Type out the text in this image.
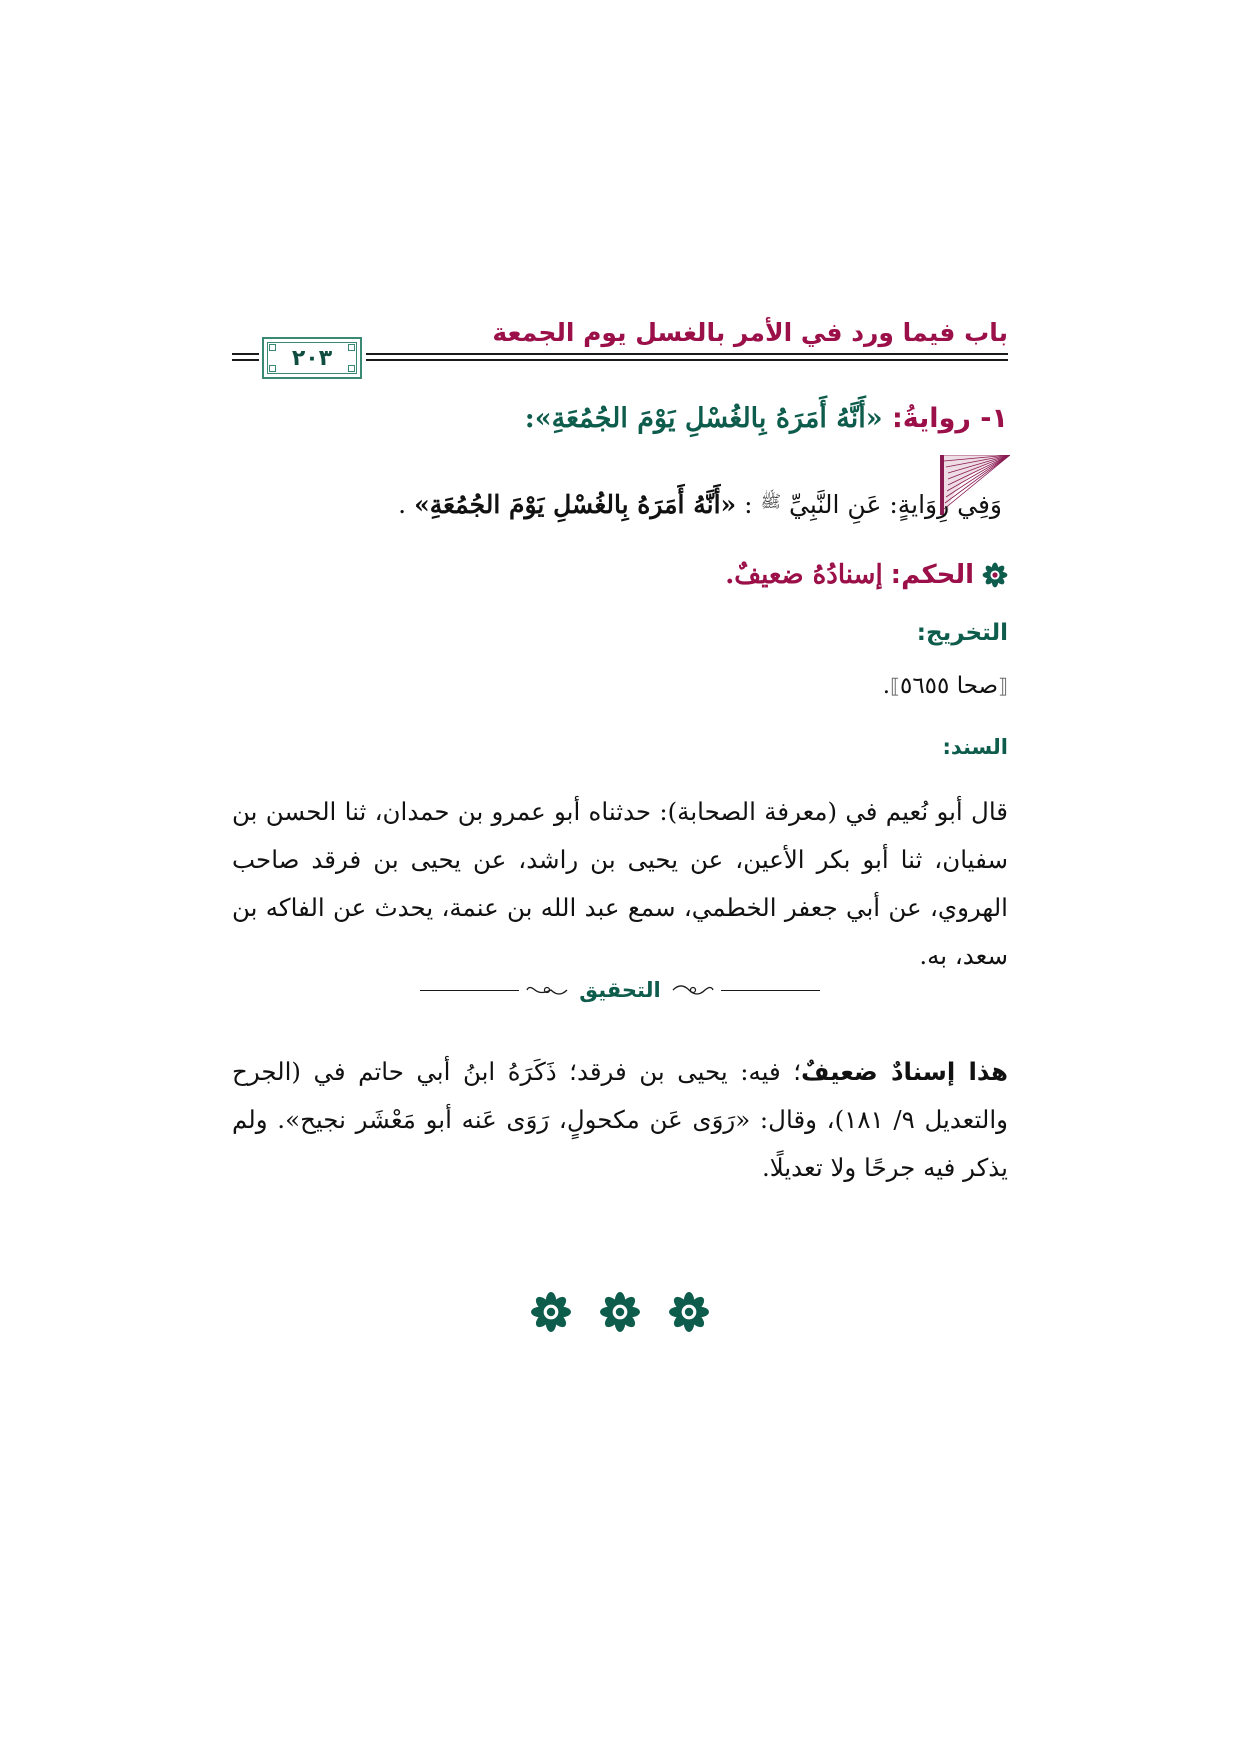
باب فيما ورد في الأمر بالغسل يوم الجمعة
٢٠٣
١- روايةُ: «أَنَّهُ أَمَرَهُ بِالغُسْلِ يَوْمَ الجُمُعَةِ»:
وَفِي رِوَايةٍ: عَنِ النَّبِيِّ $^ﷺ$ : «أَنَّهُ أَمَرَهُ بِالغُسْلِ يَوْمَ الجُمُعَةِ» .
الحكم:
إسنادُهُ ضعيفٌ.
التخريج:
⟦صحا ٥٦٥٥⟧.
السند:

قال أبو نُعيم في (معرفة الصحابة): حدثناه أبو عمرو بن حمدان، ثنا الحسن بن سفيان، ثنا أبو بكر الأعين، عن يحيى بن راشد، عن يحيى بن فرقد صاحب الهروي، عن أبي جعفر الخطمي، سمع عبد الله بن عنمة، يحدث عن الفاكه بن سعد، به.

التحقيق

هذا إسنادٌ ضعيفٌ؛ فيه: يحيى بن فرقد؛ ذَكَرَهُ ابنُ أبي حاتم في (الجرح والتعديل ٩/ ١٨١)، وقال: «رَوَى عَن مكحولٍ، رَوَى عَنه أبو مَعْشَر نجيح». ولم يذكر فيه جرحًا ولا تعديلًا.
